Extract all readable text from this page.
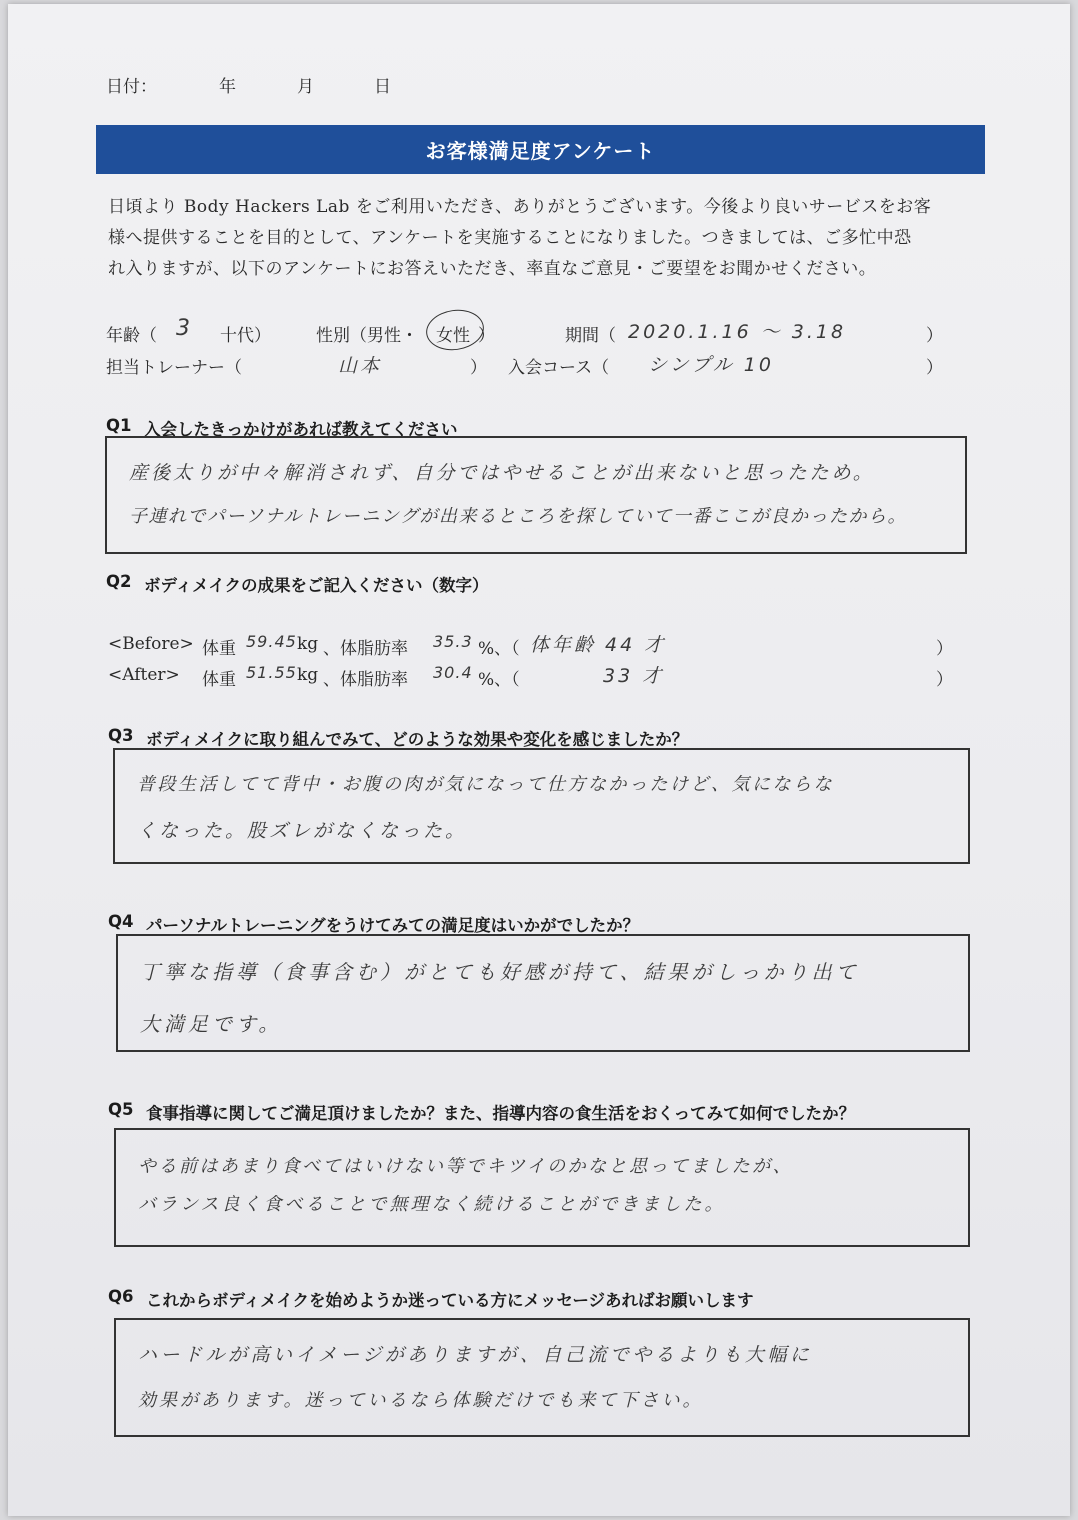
日付：	年	月	日
お客様満足度アンケート

日頃より Body Hackers Lab をご利用いただき、ありがとうございます。今後より良いサービスをお客

様へ提供することを目的として、アンケートを実施することになりました。つきましては、ご多忙中恐

れ入りますが、以下のアンケートにお答えいただき、率直なご意見・ご要望をお聞かせください。

年齢（ 3 十代）	性別（男性・ 女性 ）	期間（ 2020.1.16 〜 3.18	）
担当トレーナー（	山本	） 入会コース（ シンプル 10	）
Q1 入会したきっかけがあれば教えてください
産後太りが中々解消されず、自分ではやせることが出来ないと思ったため。
子連れでパーソナルトレーニングが出来るところを探していて一番ここが良かったから。
Q2 ボディメイクの成果をご記入ください（数字）
<Before> 体重 59.45 kg 、体脂肪率 35.3 %、（ 体年齢 44 才	）
<After> 体重 51.55 kg 、体脂肪率 30.4 %、（	33 才	）
Q3 ボディメイクに取り組んでみて、どのような効果や変化を感じましたか？
普段生活してて背中・お腹の肉が気になって仕方なかったけど、気にならな
くなった。股ズレがなくなった。
Q4 パーソナルトレーニングをうけてみての満足度はいかがでしたか？
丁寧な指導（食事含む）がとても好感が持て、結果がしっかり出て
大満足です。
Q5 食事指導に関してご満足頂けましたか？また、指導内容の食生活をおくってみて如何でしたか？
やる前はあまり食べてはいけない等でキツイのかなと思ってましたが、
バランス良く食べることで無理なく続けることができました。
Q6 これからボディメイクを始めようか迷っている方にメッセージあればお願いします
ハードルが高いイメージがありますが、自己流でやるよりも大幅に
効果があります。迷っているなら体験だけでも来て下さい。
